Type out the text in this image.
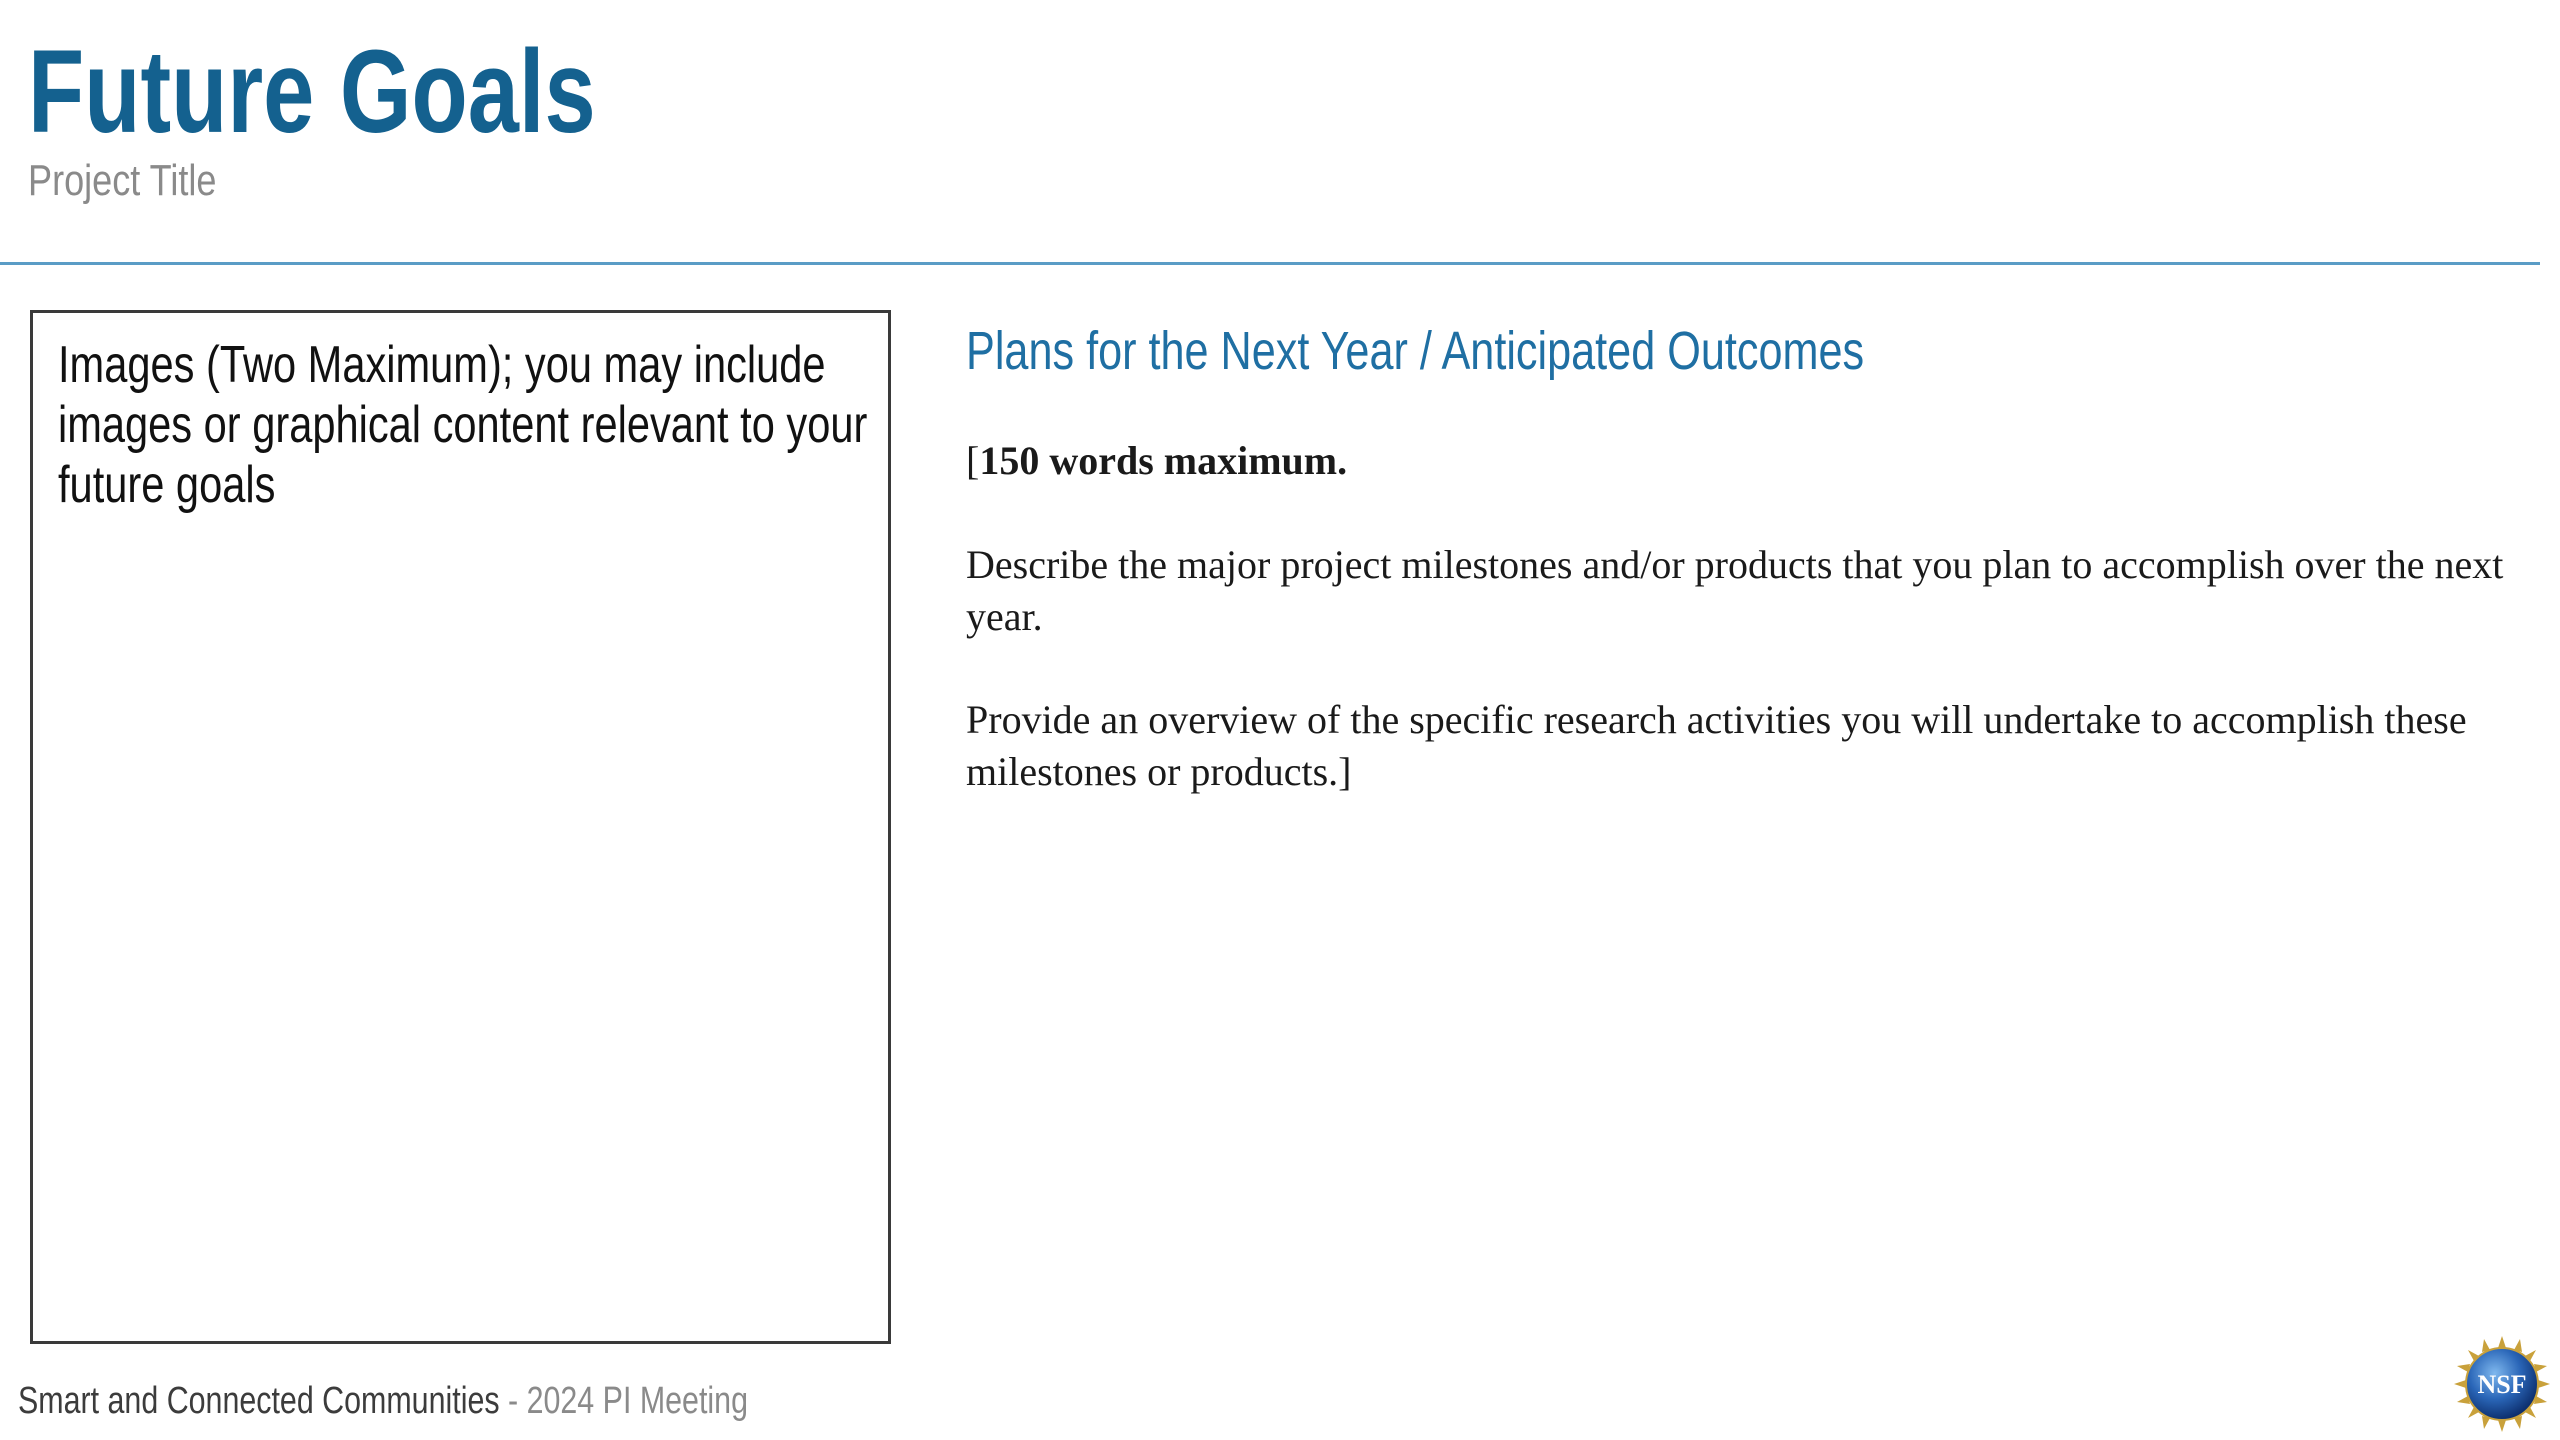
Future Goals
Project Title
Images (Two Maximum); you may include images or graphical content relevant to your future goals
Plans for the Next Year / Anticipated Outcomes

[150 words maximum.

Describe the major project milestones and/or products that you plan to accomplish over the next year.

Provide an overview of the specific research activities you will undertake to accomplish these milestones or products.]

Smart and Connected Communities - 2024 PI Meeting	NSF
